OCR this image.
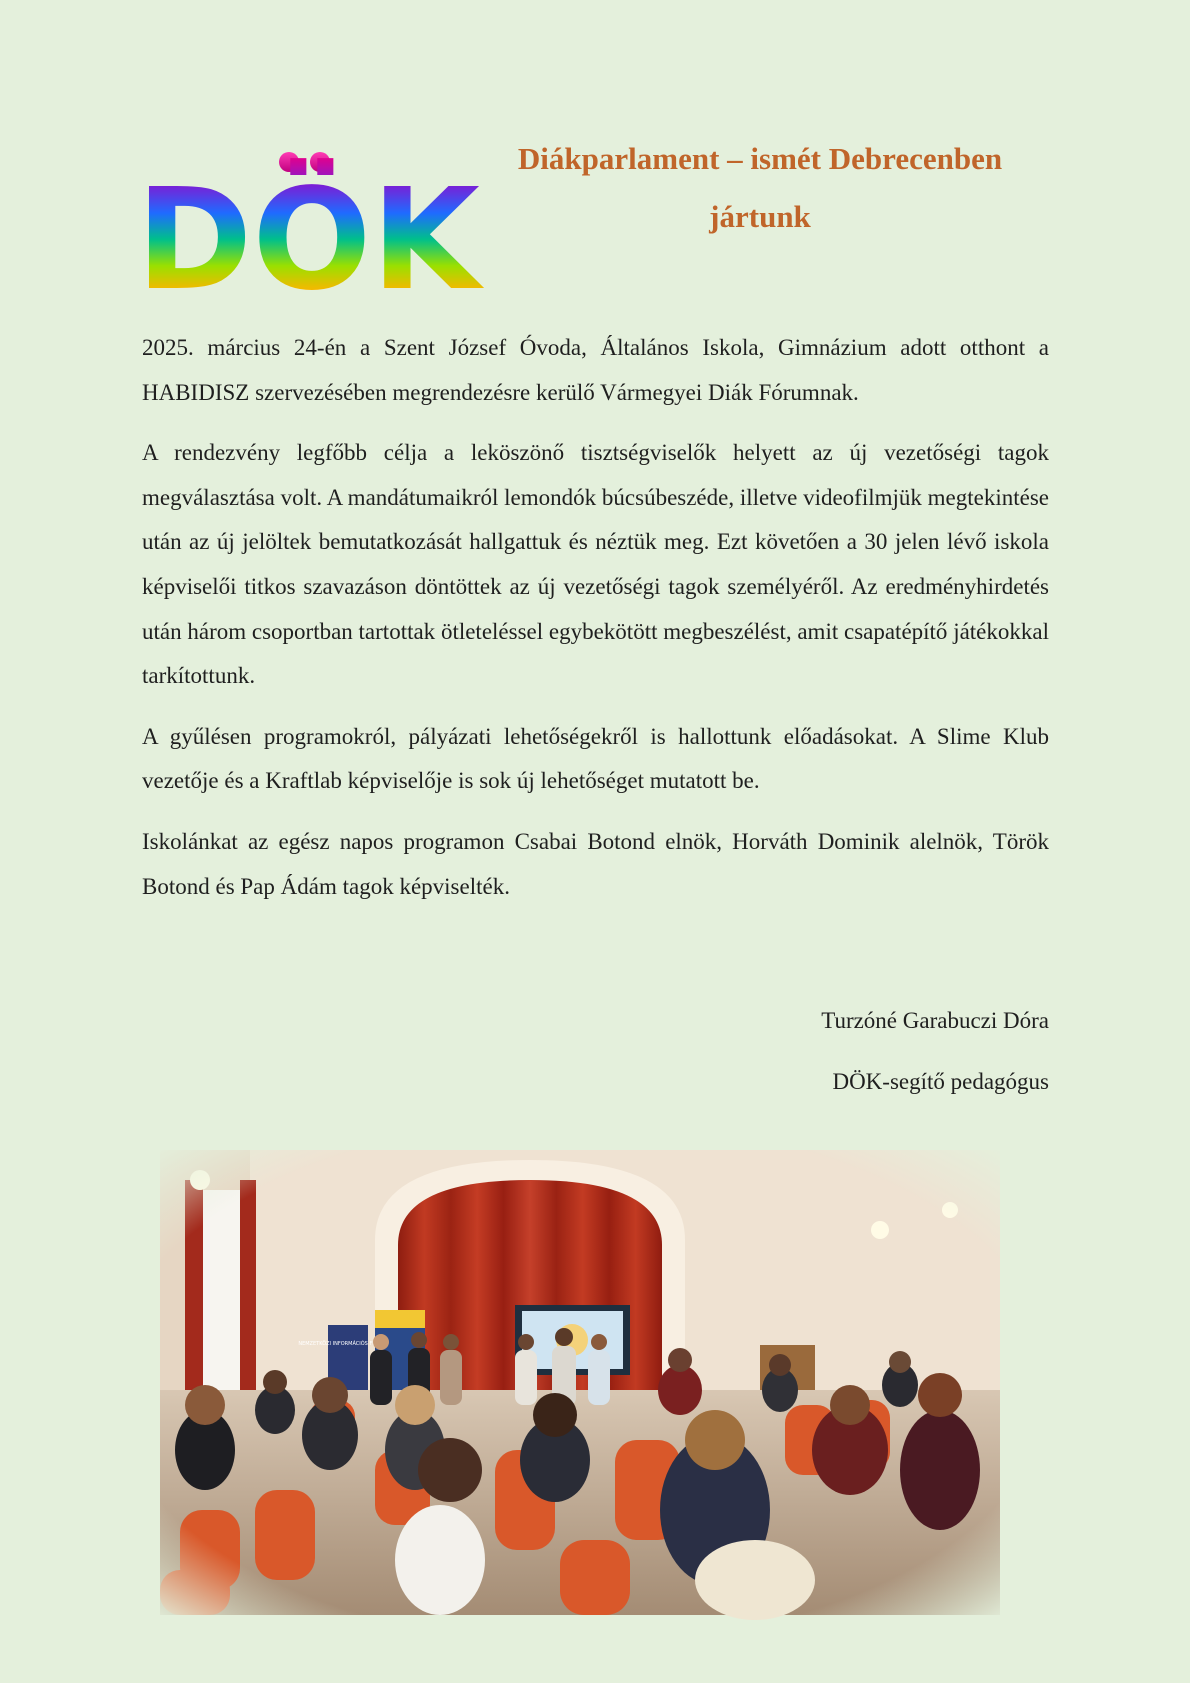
DÖK
Diákparlament – ismét Debrecenben
jártunk

2025. március 24-én a Szent József Óvoda, Általános Iskola, Gimnázium adott otthont a HABIDISZ szervezésében megrendezésre kerülő Vármegyei Diák Fórumnak.

A rendezvény legfőbb célja a leköszönő tisztségviselők helyett az új vezetőségi tagok megválasztása volt. A mandátumaikról lemondók búcsúbeszéde, illetve videofilmjük megtekintése után az új jelöltek bemutatkozását hallgattuk és néztük meg. Ezt követően a 30 jelen lévő iskola képviselői titkos szavazáson döntöttek az új vezetőségi tagok személyéről. Az eredményhirdetés után három csoportban tartottak ötleteléssel egybekötött megbeszélést, amit csapatépítő játékokkal tarkítottunk.

A gyűlésen programokról, pályázati lehetőségekről is hallottunk előadásokat. A Slime Klub vezetője és a Kraftlab képviselője is sok új lehetőséget mutatott be.

Iskolánkat az egész napos programon Csabai Botond elnök, Horváth Dominik alelnök, Török Botond és Pap Ádám tagok képviselték.

Turzóné Garabuczi Dóra
DÖK-segítő pedagógus
